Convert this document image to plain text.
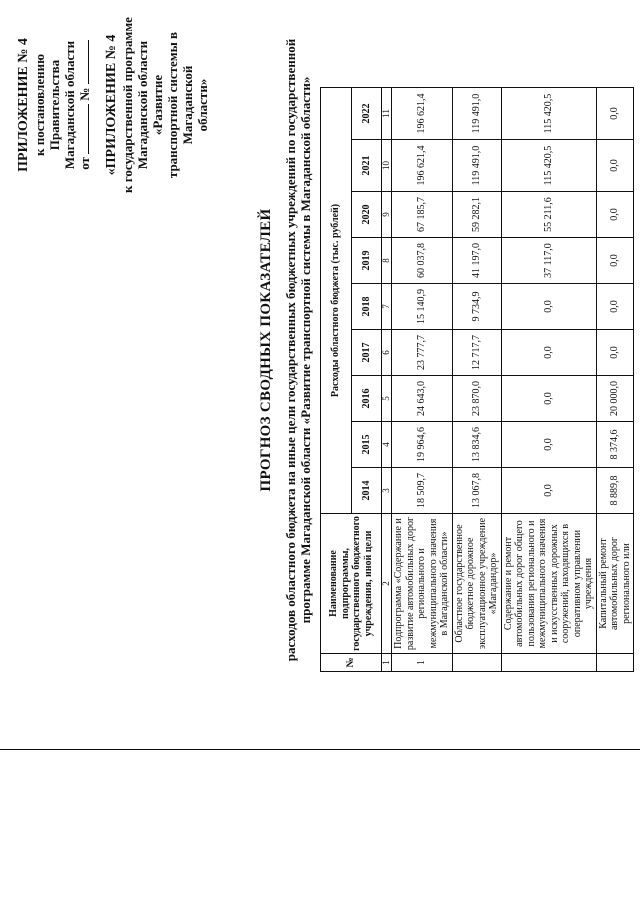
ПРИЛОЖЕНИЕ № 4 к постановлению Правительства Магаданской области от  № «ПРИЛОЖЕНИЕ № 4 к государственной программе Магаданской области «Развитие транспортной системы в Магаданской области»
ПРОГНОЗ СВОДНЫХ ПОКАЗАТЕЛЕЙ расходов областного бюджета на иные цели государственных бюджетных учреждений по государственной программе Магаданской области «Развитие транспортной системы в Магаданской области»
№	Наименование подпрограммы, государственного бюджетного учреждения, иной цели	Расходы областного бюджета (тыс. рублей)								
		2014	2015	2016	2017	2018	2019	2020	2021	2022
1	2	3	4	5	6	7	8	9	10	11
1	Подпрограмма «Содержание и развитие автомобильных дорог регионального и межмуниципального значения в Магаданской области»	18 509,7	19 964,6	24 643,0	23 777,7	15 140,9	60 037,8	67 185,7	196 621,4	196 621,4
	Областное государственное бюджетное дорожное эксплуатационное учреждение «Магадандор»	13 067,8	13 834,6	23 870,0	12 717,7	9 734,9	41 197,0	59 282,1	119 491,0	119 491,0
	Содержание и ремонт автомобильных дорог общего пользования регионального и межмуниципального значения и искусственных дорожных сооружений, находящихся в оперативном управлении учреждения	0,0	0,0	0,0	0,0	0,0	37 117,0	55 211,6	115 420,5	115 420,5
	Капитальный ремонт автомобильных дорог регионального или	8 889,8	8 374,6	20 000,0	0,0	0,0	0,0	0,0	0,0	0,0
